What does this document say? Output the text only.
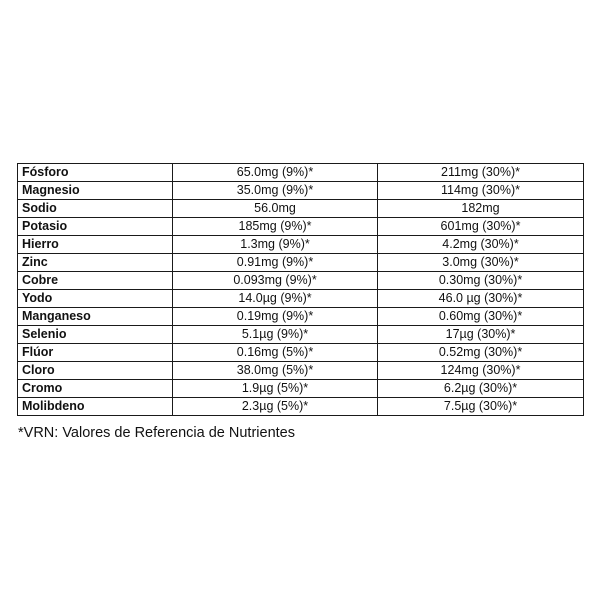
Fósforo	65.0mg (9%)*	211mg (30%)*
Magnesio	35.0mg (9%)*	114mg (30%)*
Sodio	56.0mg	182mg
Potasio	185mg (9%)*	601mg (30%)*
Hierro	1.3mg (9%)*	4.2mg (30%)*
Zinc	0.91mg (9%)*	3.0mg (30%)*
Cobre	0.093mg (9%)*	0.30mg (30%)*
Yodo	14.0µg (9%)*	46.0 µg (30%)*
Manganeso	0.19mg (9%)*	0.60mg (30%)*
Selenio	5.1µg (9%)*	17µg (30%)*
Flúor	0.16mg (5%)*	0.52mg (30%)*
Cloro	38.0mg (5%)*	124mg (30%)*
Cromo	1.9µg (5%)*	6.2µg (30%)*
Molibdeno	2.3µg (5%)*	7.5µg (30%)*
*VRN: Valores de Referencia de Nutrientes
